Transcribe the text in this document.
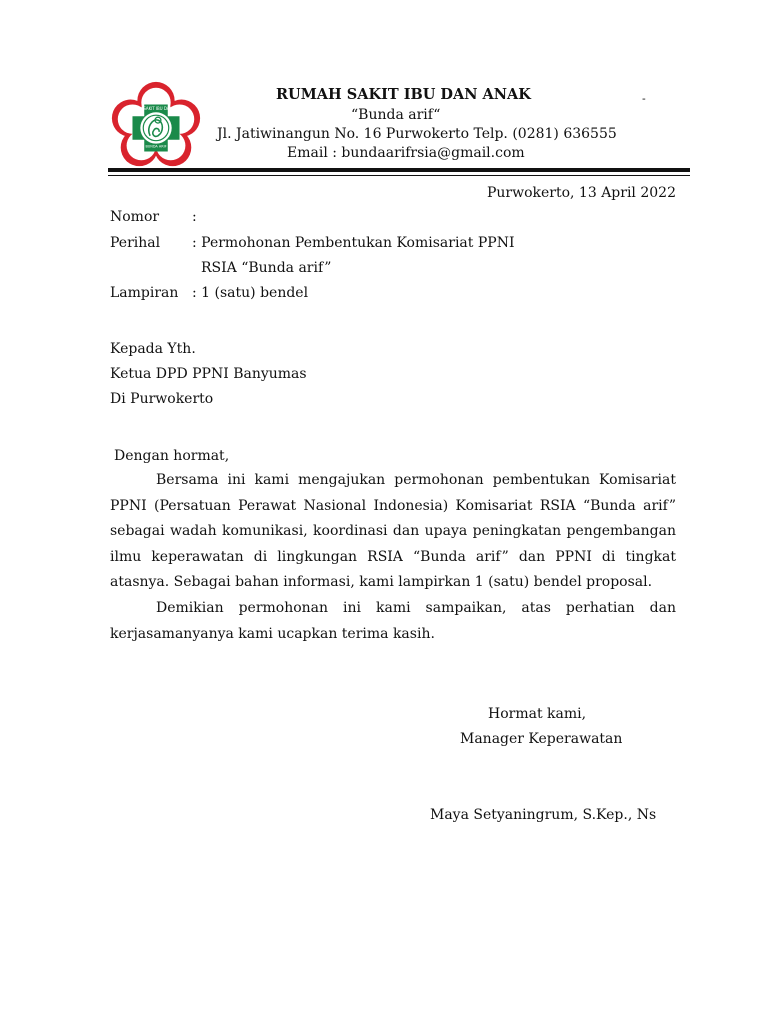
RUMAH SAKIT IBU DAN ANAK
BUNDA ARIF
RUMAH SAKIT IBU DAN ANAK
“Bunda arif“
Jl. Jatiwinangun No. 16 Purwokerto Telp. (0281) 636555
Email : bundaarifrsia@gmail.com
-
Purwokerto, 13 April 2022
Nomor :
Perihal : Permohonan Pembentukan Komisariat PPNI
RSIA “Bunda arif”
Lampiran : 1 (satu) bendel
Kepada Yth.
Ketua DPD PPNI Banyumas
Di Purwokerto
Dengan hormat,
Bersama ini kami mengajukan permohonan pembentukan Komisariat PPNI (Persatuan Perawat Nasional Indonesia) Komisariat RSIA “Bunda arif” sebagai wadah komunikasi, koordinasi dan upaya peningkatan pengembangan ilmu keperawatan di lingkungan RSIA “Bunda arif” dan PPNI di tingkat atasnya. Sebagai bahan informasi, kami lampirkan 1 (satu) bendel proposal.
Demikian permohonan ini kami sampaikan, atas perhatian dan kerjasamanyanya kami ucapkan terima kasih.
Hormat kami,
Manager Keperawatan
Maya Setyaningrum, S.Kep., Ns
